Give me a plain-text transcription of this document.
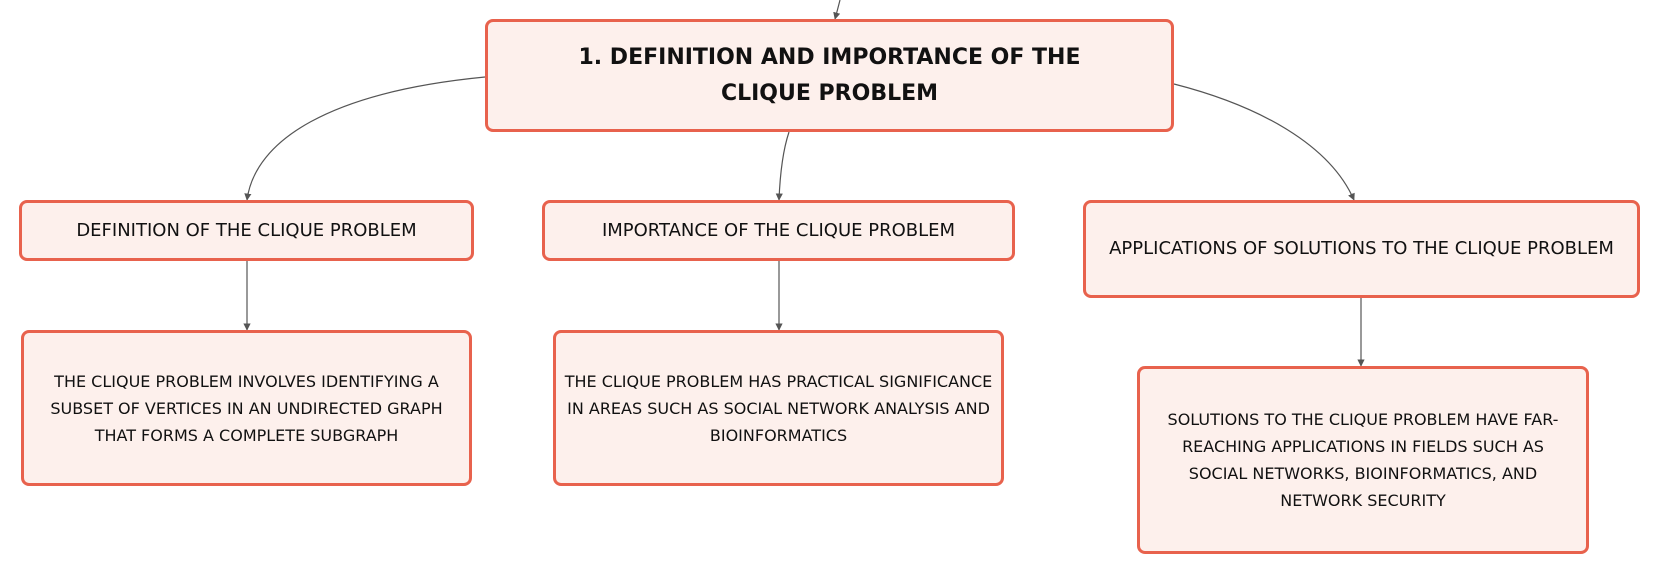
1. DEFINITION AND IMPORTANCE OF THE CLIQUE PROBLEM
DEFINITION OF THE CLIQUE PROBLEM	IMPORTANCE OF THE CLIQUE PROBLEM
APPLICATIONS OF SOLUTIONS TO THE CLIQUE PROBLEM
THE CLIQUE PROBLEM INVOLVES IDENTIFYING A SUBSET OF VERTICES IN AN UNDIRECTED GRAPH THAT FORMS A COMPLETE SUBGRAPH
THE CLIQUE PROBLEM HAS PRACTICAL SIGNIFICANCE IN AREAS SUCH AS SOCIAL NETWORK ANALYSIS AND BIOINFORMATICS
SOLUTIONS TO THE CLIQUE PROBLEM HAVE FAR-REACHING APPLICATIONS IN FIELDS SUCH AS SOCIAL NETWORKS, BIOINFORMATICS, AND NETWORK SECURITY
